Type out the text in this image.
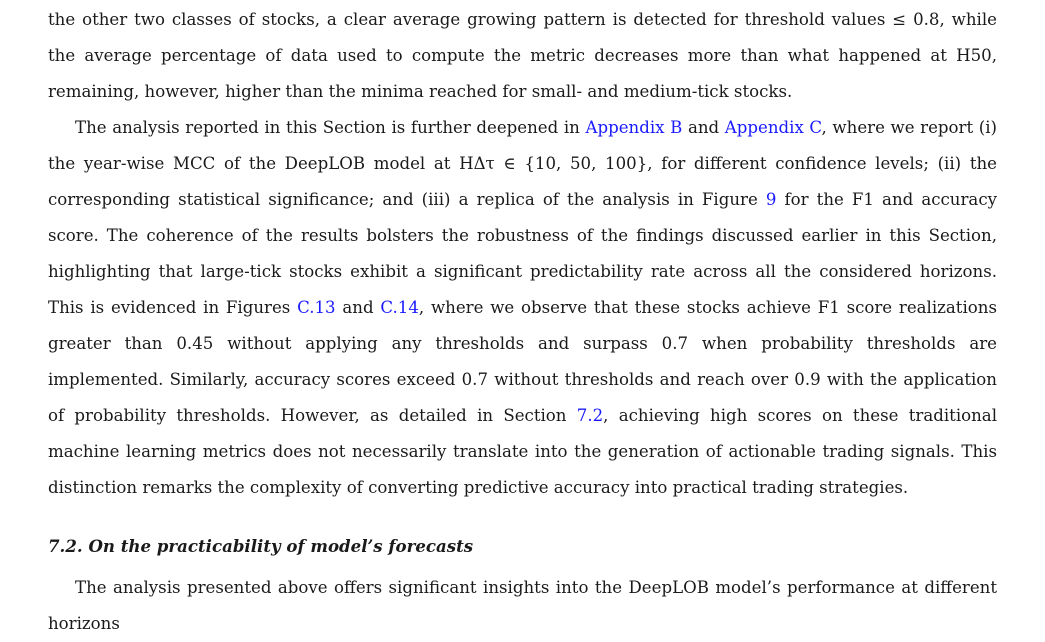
the other two classes of stocks, a clear average growing pattern is detected for threshold values ≤ 0.8, while the average percentage of data used to compute the metric decreases more than what happened at H50, remaining, however, higher than the minima reached for small- and medium-tick stocks.

The analysis reported in this Section is further deepened in Appendix B and Appendix C, where we report (i) the year-wise MCC of the DeepLOB model at HΔτ ∈ {10, 50, 100}, for different confidence levels; (ii) the corresponding statistical significance; and (iii) a replica of the analysis in Figure 9 for the F1 and accuracy score. The coherence of the results bolsters the robustness of the findings discussed earlier in this Section, highlighting that large-tick stocks exhibit a significant predictability rate across all the considered horizons. This is evidenced in Figures C.13 and C.14, where we observe that these stocks achieve F1 score realizations greater than 0.45 without applying any thresholds and surpass 0.7 when probability thresholds are implemented. Similarly, accuracy scores exceed 0.7 without thresholds and reach over 0.9 with the application of probability thresholds. However, as detailed in Section 7.2, achieving high scores on these traditional machine learning metrics does not necessarily translate into the generation of actionable trading signals. This distinction remarks the complexity of converting predictive accuracy into practical trading strategies.

7.2. On the practicability of model’s forecasts

The analysis presented above offers significant insights into the DeepLOB model’s performance at different horizons
